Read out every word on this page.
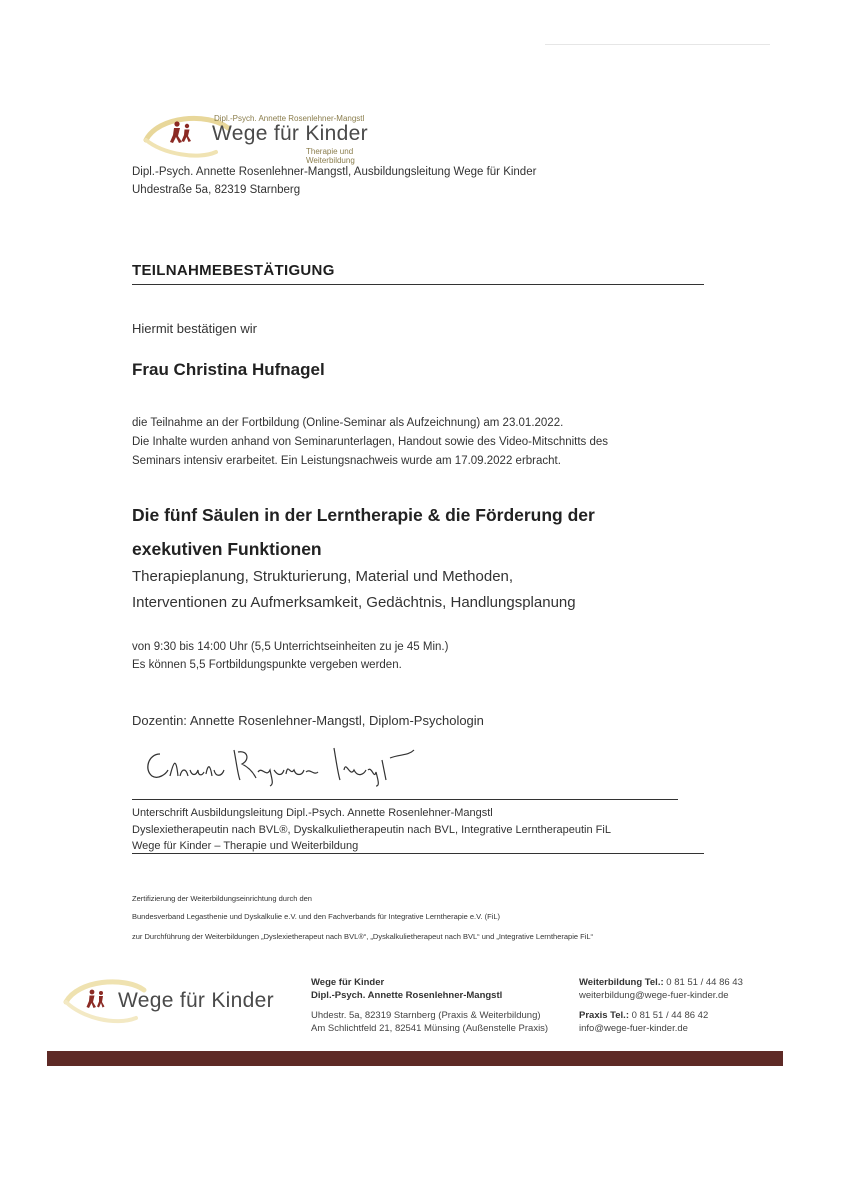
Dipl.-Psych. Annette Rosenlehner-Mangstl
Wege für Kinder
Therapie und Weiterbildung
Dipl.-Psych. Annette Rosenlehner-Mangstl, Ausbildungsleitung Wege für Kinder
Uhdestraße 5a, 82319 Starnberg
TEILNAHMEBESTÄTIGUNG
Hiermit bestätigen wir
Frau Christina Hufnagel
die Teilnahme an der Fortbildung (Online-Seminar als Aufzeichnung) am 23.01.2022.
Die Inhalte wurden anhand von Seminarunterlagen, Handout sowie des Video-Mitschnitts des
Seminars intensiv erarbeitet. Ein Leistungsnachweis wurde am 17.09.2022 erbracht.
Die fünf Säulen in der Lerntherapie & die Förderung der
exekutiven Funktionen
Therapieplanung, Strukturierung, Material und Methoden,
Interventionen zu Aufmerksamkeit, Gedächtnis, Handlungsplanung
von 9:30 bis 14:00 Uhr (5,5 Unterrichtseinheiten zu je 45 Min.)
Es können 5,5 Fortbildungspunkte vergeben werden.
Dozentin: Annette Rosenlehner-Mangstl, Diplom-Psychologin
Unterschrift Ausbildungsleitung Dipl.-Psych. Annette Rosenlehner-Mangstl
Dyslexietherapeutin nach BVL®, Dyskalkulietherapeutin nach BVL, Integrative Lerntherapeutin FiL
Wege für Kinder – Therapie und Weiterbildung
Zertifizierung der Weiterbildungseinrichtung durch den
Bundesverband Legasthenie und Dyskalkulie e.V. und den Fachverbands für Integrative Lerntherapie e.V. (FiL)
zur Durchführung der Weiterbildungen „Dyslexietherapeut nach BVL®“, „Dyskalkulietherapeut nach BVL“ und „Integrative Lerntherapie FiL“
Wege für Kinder
Wege für Kinder
Dipl.-Psych. Annette Rosenlehner-Mangstl
Uhdestr. 5a, 82319 Starnberg (Praxis & Weiterbildung)
Am Schlichtfeld 21, 82541 Münsing (Außenstelle Praxis)
Weiterbildung Tel.: 0 81 51 / 44 86 43
weiterbildung@wege-fuer-kinder.de
Praxis Tel.: 0 81 51 / 44 86 42
info@wege-fuer-kinder.de
